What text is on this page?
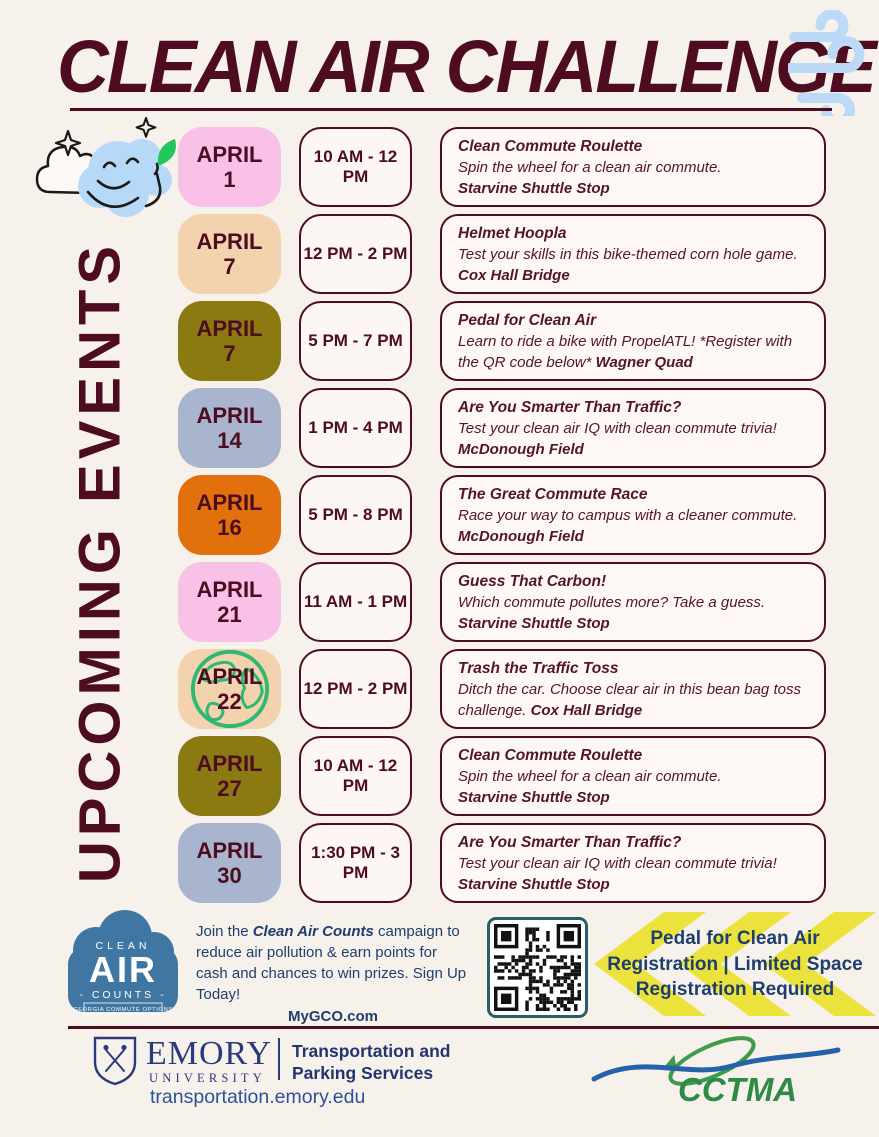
CLEAN AIR CHALLENGE
UPCOMING EVENTS
APRIL
1
10 AM - 12 PM
Clean Commute Roulette
Spin the wheel for a clean air commute.
Starvine Shuttle Stop
APRIL
7
12 PM - 2 PM
Helmet Hoopla
Test your skills in this bike-themed corn hole game. Cox Hall Bridge
APRIL
7
5 PM - 7 PM
Pedal for Clean Air
Learn to ride a bike with PropelATL! *Register with the QR code below* Wagner Quad
APRIL
14
1 PM - 4 PM
Are You Smarter Than Traffic?
Test your clean air IQ with clean commute trivia! McDonough Field
APRIL
16
5 PM - 8 PM
The Great Commute Race
Race your way to campus with a cleaner commute. McDonough Field
APRIL
21
11 AM - 1 PM
Guess That Carbon!
Which commute pollutes more? Take a guess.
Starvine Shuttle Stop
APRIL
22
12 PM - 2 PM
Trash the Traffic Toss
Ditch the car. Choose clear air in this bean bag toss challenge. Cox Hall Bridge
APRIL
27
10 AM - 12 PM
Clean Commute Roulette
Spin the wheel for a clean air commute.
Starvine Shuttle Stop
APRIL
30
1:30 PM - 3 PM
Are You Smarter Than Traffic?
Test your clean air IQ with clean commute trivia! Starvine Shuttle Stop
CLEAN
AIR
- COUNTS -
GEORGIA COMMUTE OPTIONS
Join the Clean Air Counts campaign to reduce air pollution & earn points for cash and chances to win prizes. Sign Up Today!
MyGCO.com
Pedal for Clean Air
Registration | Limited Space
Registration Required
EMORY
UNIVERSITY
Transportation and
Parking Services
transportation.emory.edu	CCTMA
